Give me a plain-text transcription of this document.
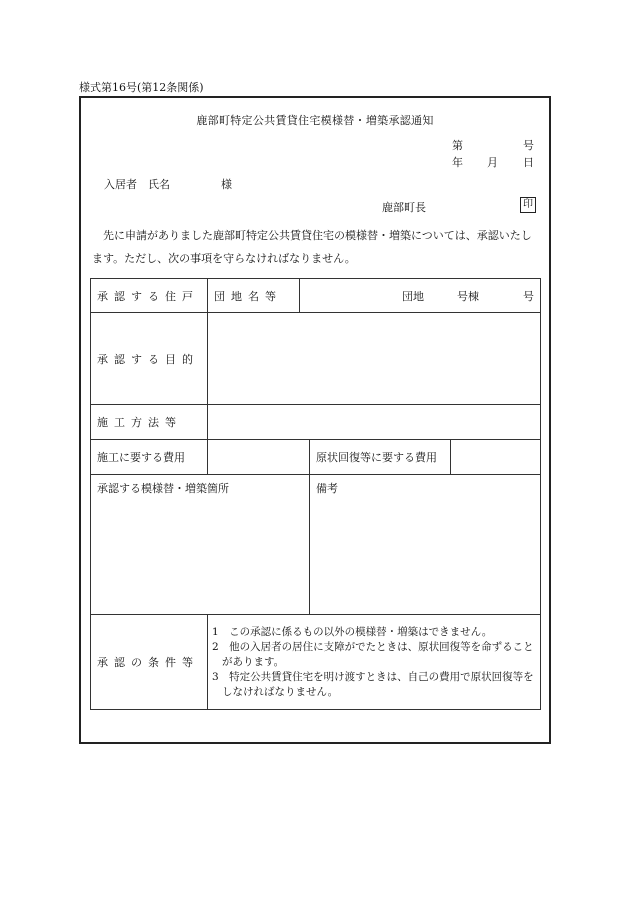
様式第16号(第12条関係)
鹿部町特定公共賃貸住宅模様替・増築承認通知
第	号
年 月 日
入居者　氏名	様
鹿部町長	印
先に申請がありました鹿部町特定公共賃貸住宅の模様替・増築については、承認いたします。ただし、次の事項を守らなければなりません。
承認する住戸	団地名等	団地　　　号棟　　　　号		
承認する目的				
施工方法等				
施工に要する費用			原状回復等に要する費用	
承認する模様替・増築箇所			備考	
承認の条件等	1　この承認に係るもの以外の模様替・増築はできません。
2　他の入居者の居住に支障がでたときは、原状回復等を命ずることがあります。
3　特定公共賃貸住宅を明け渡すときは、自己の費用で原状回復等をしなければなりません。			
